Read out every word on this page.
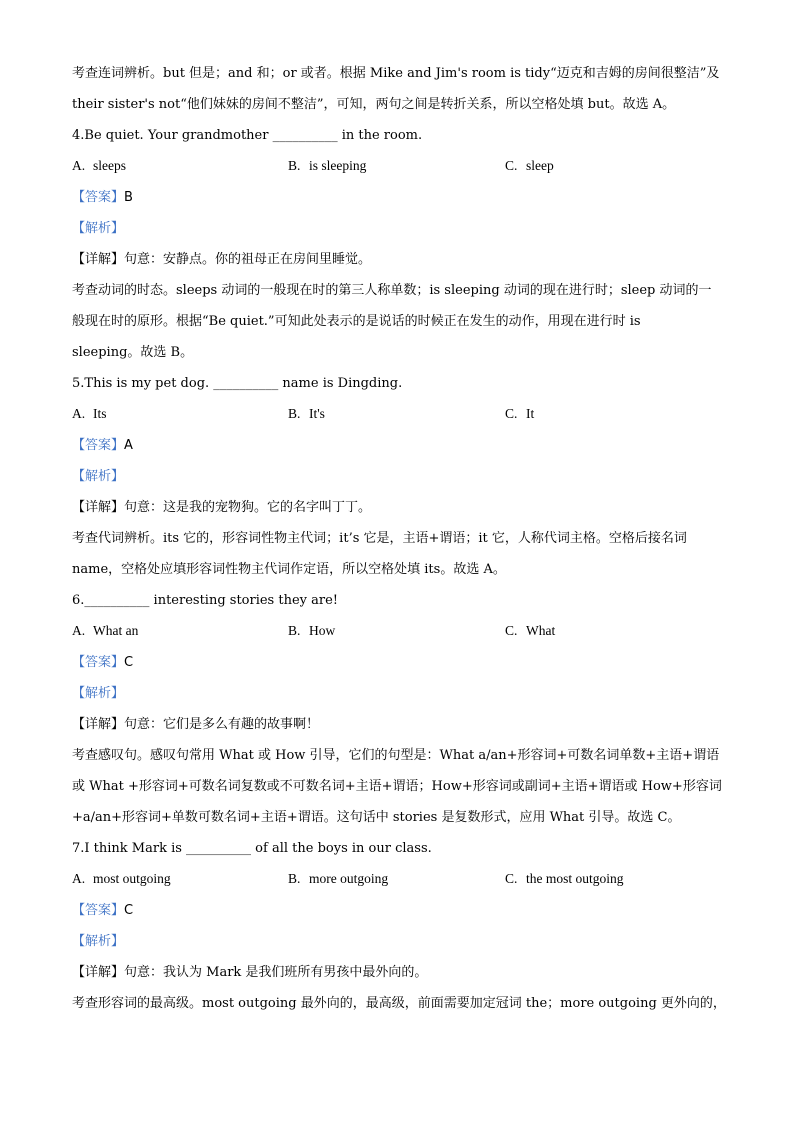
考查连词辨析。but 但是；and 和；or 或者。根据 Mike and Jim's room is tidy“迈克和吉姆的房间很整洁”及
their sister's not“他们妹妹的房间不整洁”，可知，两句之间是转折关系，所以空格处填 but。故选 A。
4.Be quiet. Your grandmother __________ in the room.
A. sleeps	B. is sleeping	C. sleep
【答案】B
【解析】
【详解】句意：安静点。你的祖母正在房间里睡觉。
考查动词的时态。sleeps 动词的一般现在时的第三人称单数；is sleeping 动词的现在进行时；sleep 动词的一
般现在时的原形。根据“Be quiet.”可知此处表示的是说话的时候正在发生的动作，用现在进行时 is
sleeping。故选 B。
5.This is my pet dog. __________ name is Dingding.
A. Its	B. It's	C. It
【答案】A
【解析】
【详解】句意：这是我的宠物狗。它的名字叫丁丁。
考查代词辨析。its 它的，形容词性物主代词；it’s 它是，主语+谓语；it 它，人称代词主格。空格后接名词
name，空格处应填形容词性物主代词作定语，所以空格处填 its。故选 A。
6.__________ interesting stories they are!
A. What an	B. How	C. What
【答案】C
【解析】
【详解】句意：它们是多么有趣的故事啊！
考查感叹句。感叹句常用 What 或 How 引导，它们的句型是：What a/an+形容词+可数名词单数+主语+谓语
或 What +形容词+可数名词复数或不可数名词+主语+谓语；How+形容词或副词+主语+谓语或 How+形容词
+a/an+形容词+单数可数名词+主语+谓语。这句话中 stories 是复数形式，应用 What 引导。故选 C。
7.I think Mark is __________ of all the boys in our class.
A. most outgoing	B. more outgoing	C. the most outgoing
【答案】C
【解析】
【详解】句意：我认为 Mark 是我们班所有男孩中最外向的。
考查形容词的最高级。most outgoing 最外向的，最高级，前面需要加定冠词 the；more outgoing 更外向的，
